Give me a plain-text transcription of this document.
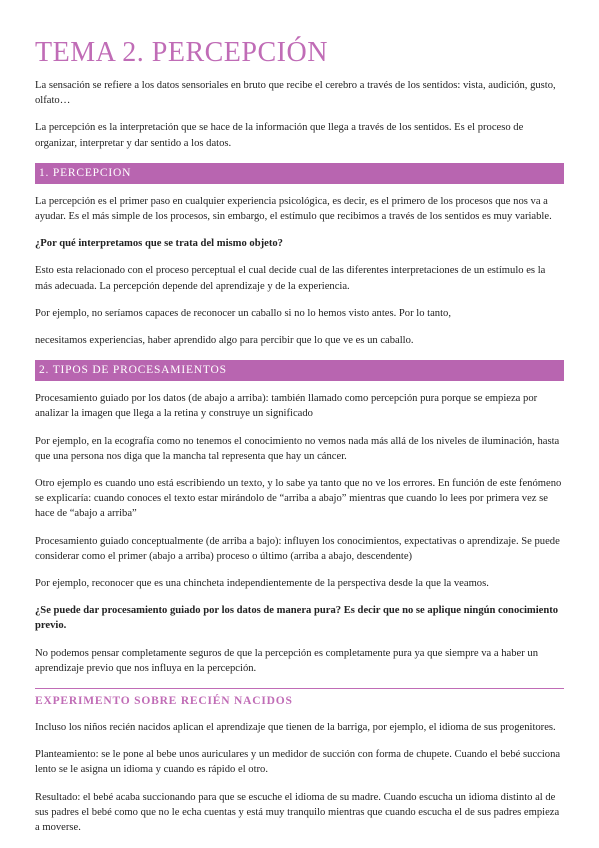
TEMA 2. PERCEPCIÓN

La sensación se refiere a los datos sensoriales en bruto que recibe el cerebro a través de los sentidos: vista, audición, gusto, olfato…

La percepción es la interpretación que se hace de la información que llega a través de los sentidos. Es el proceso de organizar, interpretar y dar sentido a los datos.

1. PERCEPCION

La percepción es el primer paso en cualquier experiencia psicológica, es decir, es el primero de los procesos que nos va a ayudar. Es el más simple de los procesos, sin embargo, el estímulo que recibimos a través de los sentidos es muy variable.

¿Por qué interpretamos que se trata del mismo objeto?

Esto esta relacionado con el proceso perceptual el cual decide cual de las diferentes interpretaciones de un estímulo es la más adecuada. La percepción depende del aprendizaje y de la experiencia.

Por ejemplo, no seríamos capaces de reconocer un caballo si no lo hemos visto antes. Por lo tanto,

necesitamos experiencias, haber aprendido algo para percibir que lo que ve es un caballo.

2. TIPOS DE PROCESAMIENTOS

Procesamiento guiado por los datos (de abajo a arriba): también llamado como percepción pura porque se empieza por analizar la imagen que llega a la retina y construye un significado

Por ejemplo, en la ecografía como no tenemos el conocimiento no vemos nada más allá de los niveles de iluminación, hasta que una persona nos diga que la mancha tal representa que hay un cáncer.

Otro ejemplo es cuando uno está escribiendo un texto, y lo sabe ya tanto que no ve los errores. En función de este fenómeno se explicaría: cuando conoces el texto estar mirándolo de “arriba a abajo” mientras que cuando lo lees por primera vez se hace de “abajo a arriba”

Procesamiento guiado conceptualmente (de arriba a bajo): influyen los conocimientos, expectativas o aprendizaje. Se puede considerar como el primer (abajo a arriba) proceso o último (arriba a abajo, descendente)

Por ejemplo, reconocer que es una chincheta independientemente de la perspectiva desde la que la veamos.

¿Se puede dar procesamiento guiado por los datos de manera pura? Es decir que no se aplique ningún conocimiento previo.

No podemos pensar completamente seguros de que la percepción es completamente pura ya que siempre va a haber un aprendizaje previo que nos influya en la percepción.

EXPERIMENTO SOBRE RECIÉN NACIDOS

Incluso los niños recién nacidos aplican el aprendizaje que tienen de la barriga, por ejemplo, el idioma de sus progenitores.

Planteamiento: se le pone al bebe unos auriculares y un medidor de succión con forma de chupete. Cuando el bebé succiona lento se le asigna un idioma y cuando es rápido el otro.

Resultado: el bebé acaba succionando para que se escuche el idioma de su madre. Cuando escucha un idioma distinto al de sus padres el bebé como que no le echa cuentas y está muy tranquilo mientras que cuando escucha el de sus padres empieza a moverse.
